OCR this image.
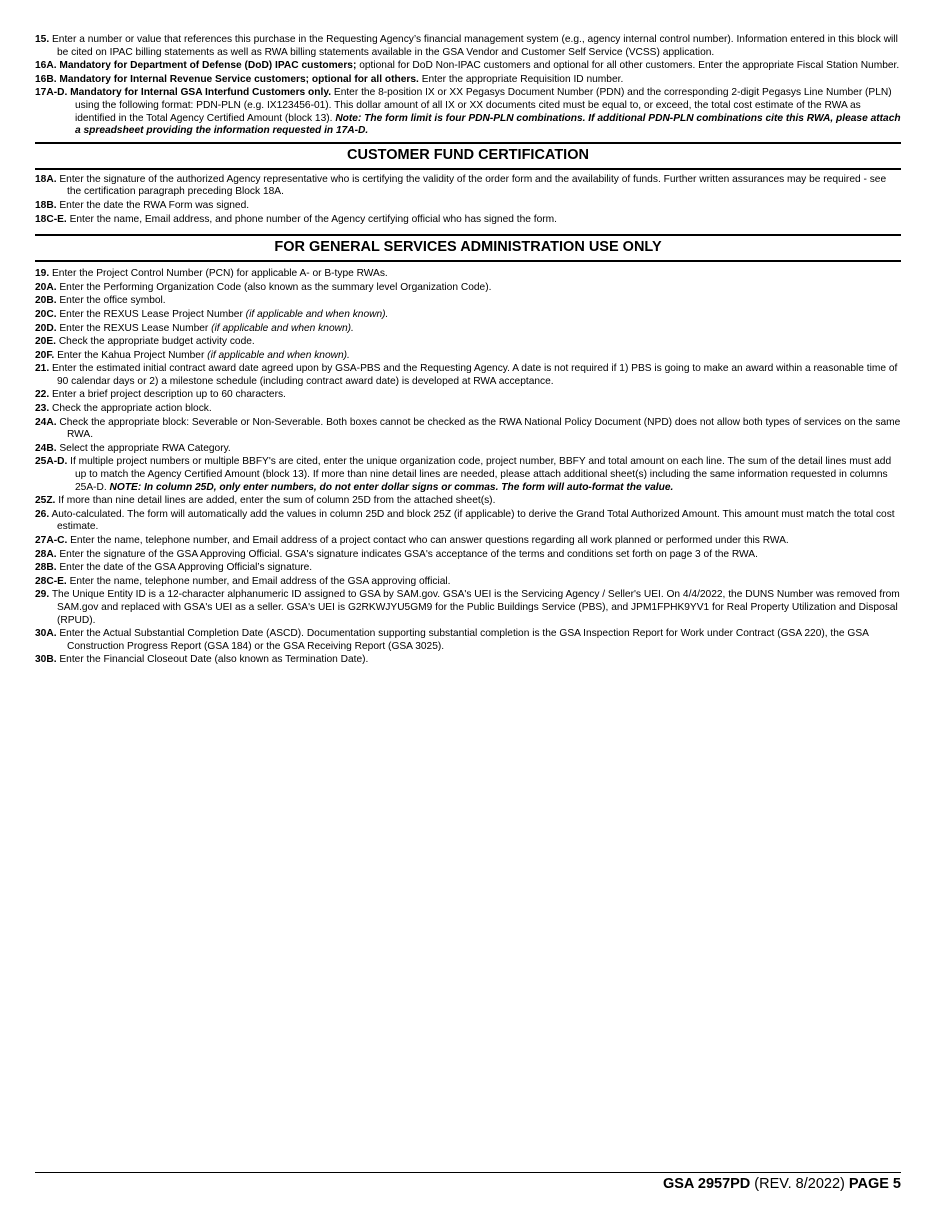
15. Enter a number or value that references this purchase in the Requesting Agency’s financial management system (e.g., agency internal control number). Information entered in this block will be cited on IPAC billing statements as well as RWA billing statements available in the GSA Vendor and Customer Self Service (VCSS) application.

16A. Mandatory for Department of Defense (DoD) IPAC customers; optional for DoD Non-IPAC customers and optional for all other customers. Enter the appropriate Fiscal Station Number.

16B. Mandatory for Internal Revenue Service customers; optional for all others. Enter the appropriate Requisition ID number.

17A-D. Mandatory for Internal GSA Interfund Customers only. Enter the 8-position IX or XX Pegasys Document Number (PDN) and the corresponding 2-digit Pegasys Line Number (PLN) using the following format: PDN-PLN (e.g. IX123456-01). This dollar amount of all IX or XX documents cited must be equal to, or exceed, the total cost estimate of the RWA as identified in the Total Agency Certified Amount (block 13). Note: The form limit is four PDN-PLN combinations. If additional PDN-PLN combinations cite this RWA, please attach a spreadsheet providing the information requested in 17A-D.

CUSTOMER FUND CERTIFICATION

18A. Enter the signature of the authorized Agency representative who is certifying the validity of the order form and the availability of funds. Further written assurances may be required - see the certification paragraph preceding Block 18A.

18B. Enter the date the RWA Form was signed.

18C-E. Enter the name, Email address, and phone number of the Agency certifying official who has signed the form.

FOR GENERAL SERVICES ADMINISTRATION USE ONLY

19. Enter the Project Control Number (PCN) for applicable A- or B-type RWAs.

20A. Enter the Performing Organization Code (also known as the summary level Organization Code).

20B. Enter the office symbol.

20C. Enter the REXUS Lease Project Number (if applicable and when known).

20D. Enter the REXUS Lease Number (if applicable and when known).

20E. Check the appropriate budget activity code.

20F. Enter the Kahua Project Number (if applicable and when known).

21. Enter the estimated initial contract award date agreed upon by GSA-PBS and the Requesting Agency. A date is not required if 1) PBS is going to make an award within a reasonable time of 90 calendar days or 2) a milestone schedule (including contract award date) is developed at RWA acceptance.

22. Enter a brief project description up to 60 characters.

23. Check the appropriate action block.

24A. Check the appropriate block: Severable or Non-Severable. Both boxes cannot be checked as the RWA National Policy Document (NPD) does not allow both types of services on the same RWA.

24B. Select the appropriate RWA Category.

25A-D. If multiple project numbers or multiple BBFY's are cited, enter the unique organization code, project number, BBFY and total amount on each line. The sum of the detail lines must add up to match the Agency Certified Amount (block 13). If more than nine detail lines are needed, please attach additional sheet(s) including the same information requested in columns 25A-D. NOTE: In column 25D, only enter numbers, do not enter dollar signs or commas. The form will auto-format the value.

25Z. If more than nine detail lines are added, enter the sum of column 25D from the attached sheet(s).

26. Auto-calculated. The form will automatically add the values in column 25D and block 25Z (if applicable) to derive the Grand Total Authorized Amount. This amount must match the total cost estimate.

27A-C. Enter the name, telephone number, and Email address of a project contact who can answer questions regarding all work planned or performed under this RWA.

28A. Enter the signature of the GSA Approving Official. GSA's signature indicates GSA's acceptance of the terms and conditions set forth on page 3 of the RWA.

28B. Enter the date of the GSA Approving Official’s signature.

28C-E. Enter the name, telephone number, and Email address of the GSA approving official.

29. The Unique Entity ID is a 12-character alphanumeric ID assigned to GSA by SAM.gov. GSA's UEI is the Servicing Agency / Seller's UEI. On 4/4/2022, the DUNS Number was removed from SAM.gov and replaced with GSA's UEI as a seller. GSA's UEI is G2RKWJYU5GM9 for the Public Buildings Service (PBS), and JPM1FPHK9YV1 for Real Property Utilization and Disposal (RPUD).

30A. Enter the Actual Substantial Completion Date (ASCD). Documentation supporting substantial completion is the GSA Inspection Report for Work under Contract (GSA 220), the GSA Construction Progress Report (GSA 184) or the GSA Receiving Report (GSA 3025).

30B. Enter the Financial Closeout Date (also known as Termination Date).

GSA 2957PD (REV. 8/2022) PAGE 5
